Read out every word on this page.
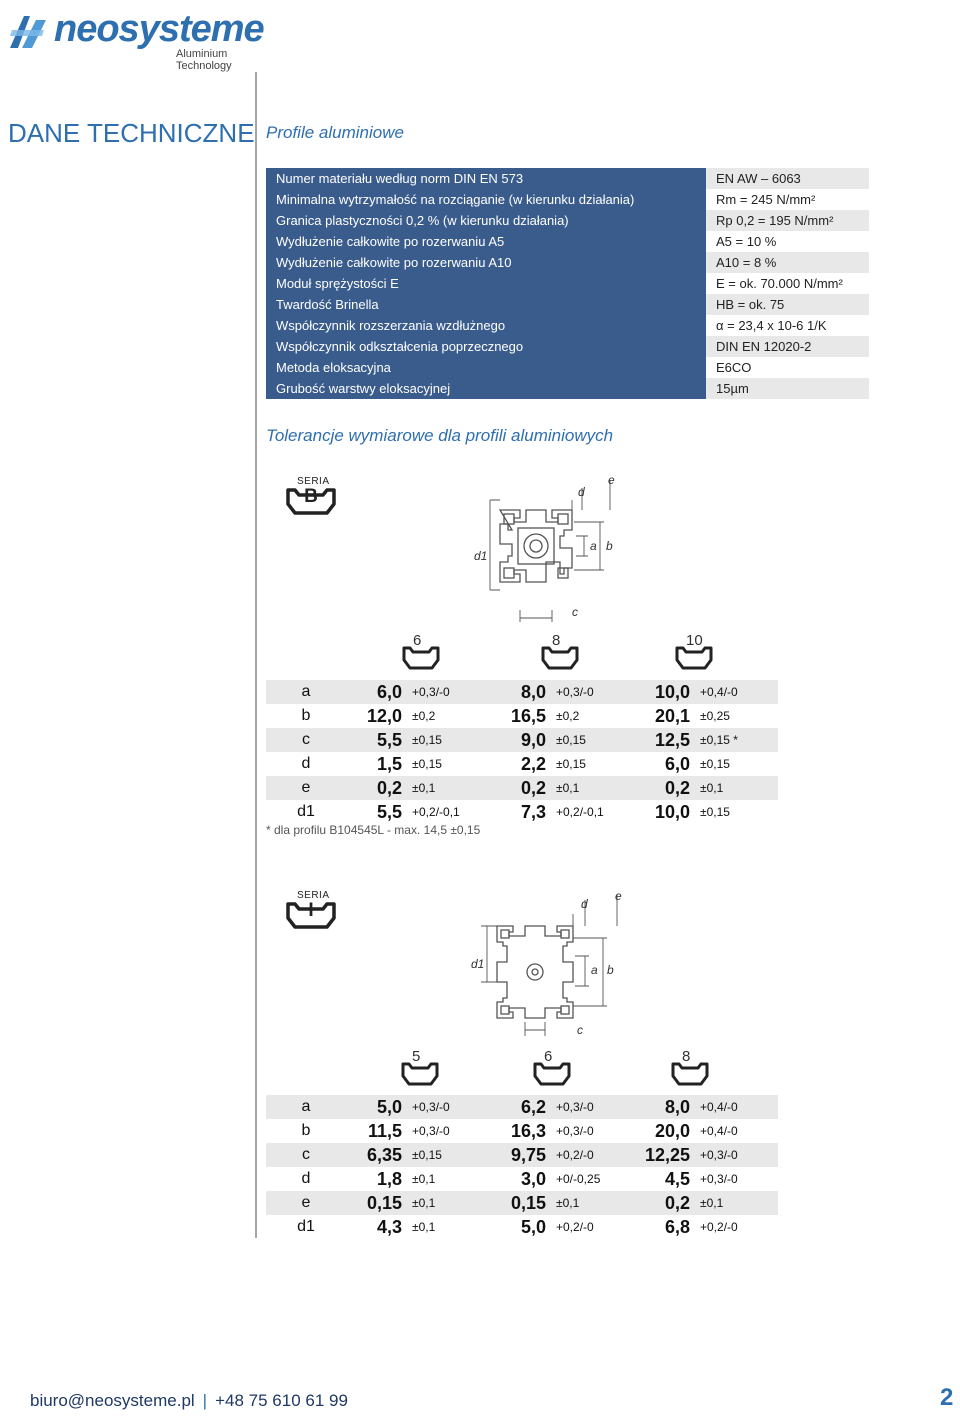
neosysteme
Aluminium Technology
DANE TECHNICZNE Profile aluminiowe
Numer materiału według norm DIN EN 573	EN AW – 6063
Minimalna wytrzymałość na rozciąganie (w kierunku działania)	Rm = 245 N/mm²
Granica plastyczności 0,2 % (w kierunku działania)	Rp 0,2 = 195 N/mm²
Wydłużenie całkowite po rozerwaniu A5	A5 = 10 %
Wydłużenie całkowite po rozerwaniu A10	A10 = 8 %
Moduł sprężystości E	E = ok. 70.000 N/mm²
Twardość Brinella	HB = ok. 75
Współczynnik rozszerzania wzdłużnego	α = 23,4 x 10-6 1/K
Współczynnik odkształcenia poprzecznego	DIN EN 12020-2
Metoda eloksacyjna	E6CO
Grubość warstwy eloksacyjnej	15µm
Tolerancje wymiarowe dla profili aluminiowych
SERIA
B	d
e
d1
a b
c
6	8	10
a	6,0	+0,3/-0	8,0	+0,3/-0	10,0	+0,4/-0
b	12,0	±0,2	16,5	±0,2	20,1	±0,25
c	5,5	±0,15	9,0	±0,15	12,5	±0,15 *
d	1,5	±0,15	2,2	±0,15	6,0	±0,15
e	0,2	±0,1	0,2	±0,1	0,2	±0,1
d1	5,5	+0,2/-0,1	7,3	+0,2/-0,1	10,0	±0,15
* dla profilu B104545L - max. 14,5 ±0,15
SERIA
I	d
e
d1	a b
c
5	6	8
a	5,0	+0,3/-0	6,2	+0,3/-0	8,0	+0,4/-0
b	11,5	+0,3/-0	16,3	+0,3/-0	20,0	+0,4/-0
c	6,35	±0,15	9,75	+0,2/-0	12,25	+0,3/-0
d	1,8	±0,1	3,0	+0/-0,25	4,5	+0,3/-0
e	0,15	±0,1	0,15	±0,1	0,2	±0,1
d1	4,3	±0,1	5,0	+0,2/-0	6,8	+0,2/-0
biuro@neosysteme.pl | +48 75 610 61 99	2
